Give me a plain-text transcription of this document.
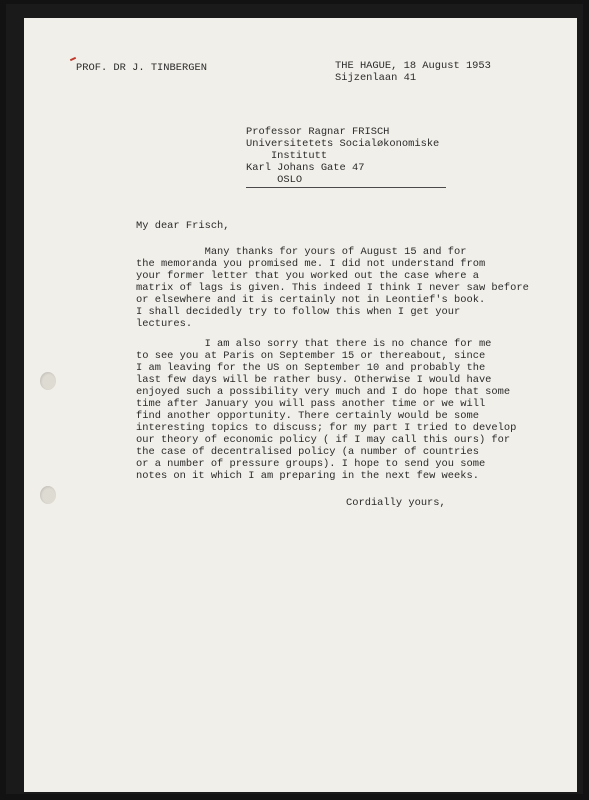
PROF. DR J. TINBERGEN	THE HAGUE, 18 August 1953
Sijzenlaan 41
Professor Ragnar FRISCH
Universitetets Socialøkonomiske
Institutt
Karl Johans Gate 47
OSLO
My dear Frisch,
Many thanks for yours of August 15 and for
the memoranda you promised me. I did not understand from
your former letter that you worked out the case where a
matrix of lags is given. This indeed I think I never saw before
or elsewhere and it is certainly not in Leontief's book.
I shall decidedly try to follow this when I get your
lectures.
I am also sorry that there is no chance for me
to see you at Paris on September 15 or thereabout, since
I am leaving for the US on September 10 and probably the
last few days will be rather busy. Otherwise I would have
enjoyed such a possibility very much and I do hope that some
time after January you will pass another time or we will
find another opportunity. There certainly would be some
interesting topics to discuss; for my part I tried to develop
our theory of economic policy ( if I may call this ours) for
the case of decentralised policy (a number of countries
or a number of pressure groups). I hope to send you some
notes on it which I am preparing in the next few weeks.
Cordially yours,
